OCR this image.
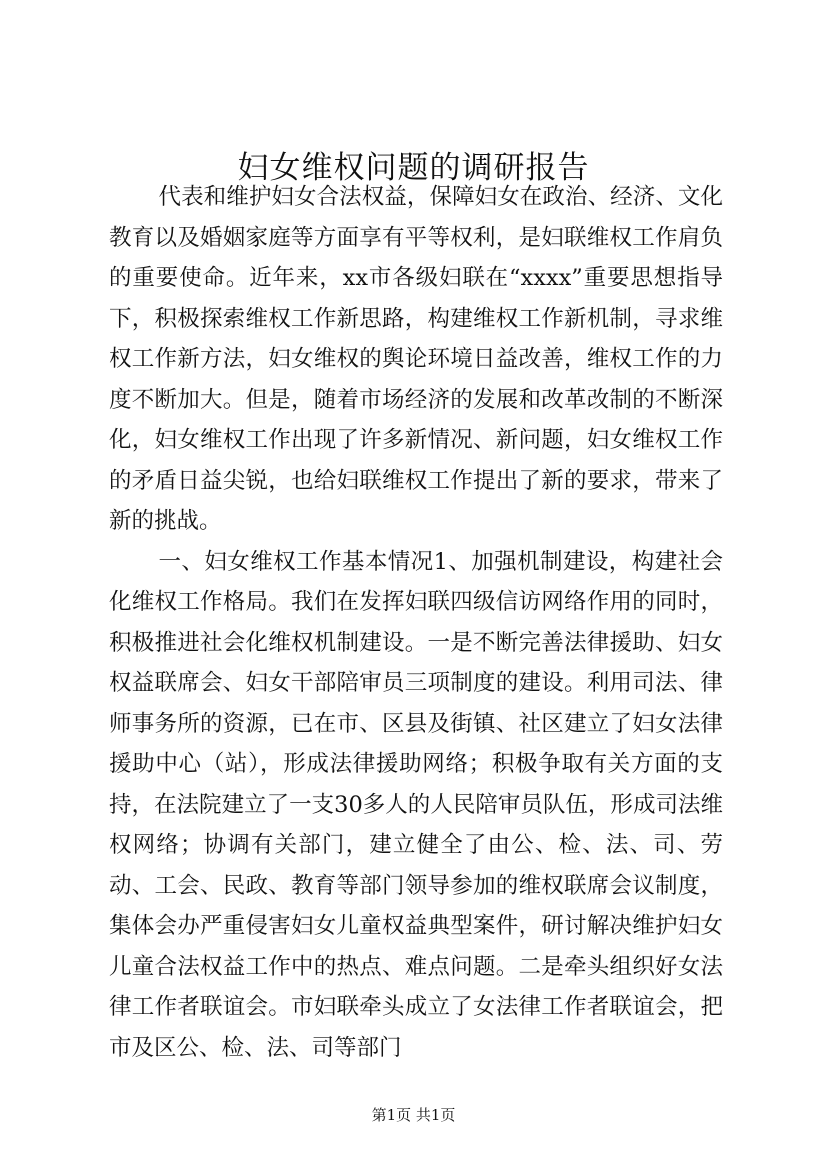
妇女维权问题的调研报告

代表和维护妇女合法权益，保障妇女在政治、经济、文化教育以及婚姻家庭等方面享有平等权利，是妇联维权工作肩负的重要使命。近年来，xx市各级妇联在“xxxx”重要思想指导下，积极探索维权工作新思路，构建维权工作新机制，寻求维权工作新方法，妇女维权的舆论环境日益改善，维权工作的力度不断加大。但是，随着市场经济的发展和改革改制的不断深化，妇女维权工作出现了许多新情况、新问题，妇女维权工作的矛盾日益尖锐，也给妇联维权工作提出了新的要求，带来了新的挑战。

一、妇女维权工作基本情况1、加强机制建设，构建社会化维权工作格局。我们在发挥妇联四级信访网络作用的同时，积极推进社会化维权机制建设。一是不断完善法律援助、妇女权益联席会、妇女干部陪审员三项制度的建设。利用司法、律师事务所的资源，已在市、区县及街镇、社区建立了妇女法律援助中心（站），形成法律援助网络；积极争取有关方面的支持，在法院建立了一支30多人的人民陪审员队伍，形成司法维权网络；协调有关部门，建立健全了由公、检、法、司、劳动、工会、民政、教育等部门领导参加的维权联席会议制度，集体会办严重侵害妇女儿童权益典型案件，研讨解决维护妇女儿童合法权益工作中的热点、难点问题。二是牵头组织好女法律工作者联谊会。市妇联牵头成立了女法律工作者联谊会，把市及区公、检、法、司等部门

第1页 共1页
